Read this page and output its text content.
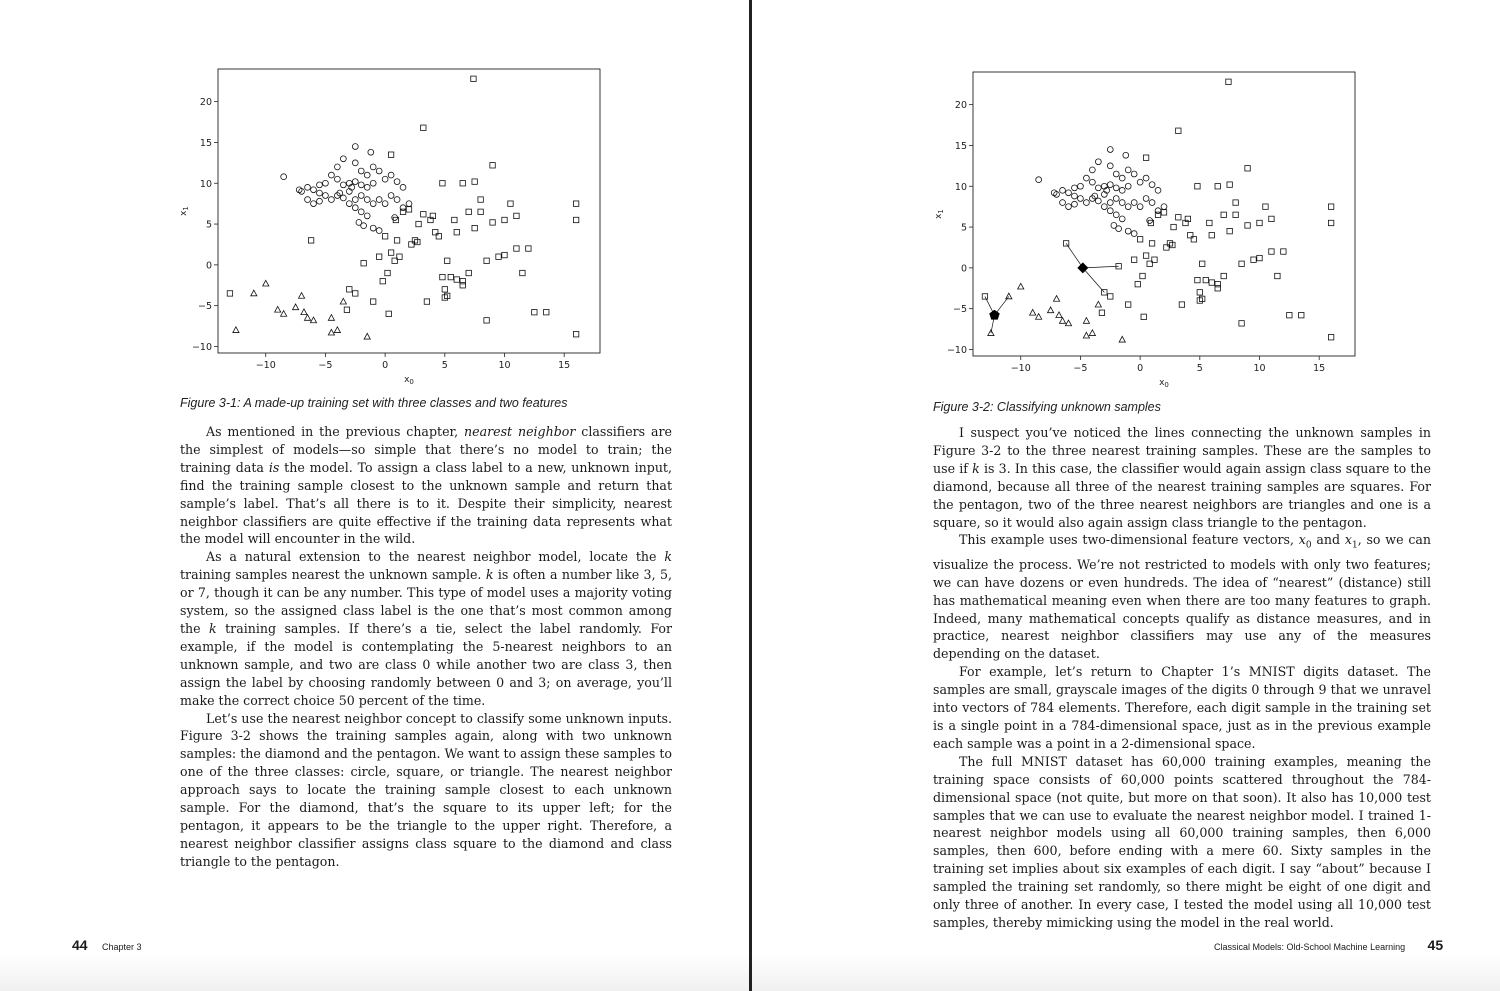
−10	−5	0	5	10	15
−10
−5
0
5
10
15
20
$x_0$
$x_1$
Figure 3-1: A made-up training set with three classes and two features

As mentioned in the previous chapter, nearest neighbor classifiers are the simplest of models—so simple that there’s no model to train; the training data is the model. To assign a class label to a new, unknown input, find the training sample closest to the unknown sample and return that sample’s label. That’s all there is to it. Despite their simplicity, nearest neighbor classifiers are quite effective if the training data represents what the model will encounter in the wild.

As a natural extension to the nearest neighbor model, locate the k training samples nearest the unknown sample. k is often a number like 3, 5, or 7, though it can be any number. This type of model uses a majority voting system, so the assigned class label is the one that’s most common among the k training samples. If there’s a tie, select the label randomly. For example, if the model is contemplating the 5-nearest neighbors to an unknown sample, and two are class 0 while another two are class 3, then assign the label by choosing randomly between 0 and 3; on average, you’ll make the correct choice 50 percent of the time.

Let’s use the nearest neighbor concept to classify some unknown inputs. Figure 3-2 shows the training samples again, along with two unknown samples: the diamond and the pentagon. We want to assign these samples to one of the three classes: circle, square, or triangle. The nearest neighbor approach says to locate the training sample closest to each unknown sample. For the diamond, that’s the square to its upper left; for the pentagon, it appears to be the triangle to the upper right. Therefore, a nearest neighbor classifier assigns class square to the diamond and class triangle to the pentagon.

44 Chapter 3
−10	−5	0	5	10	15
−10
−5
0
5
10
15
20
$x_0$
$x_1$
Figure 3-2: Classifying unknown samples

I suspect you’ve noticed the lines connecting the unknown samples in Figure 3-2 to the three nearest training samples. These are the samples to use if k is 3. In this case, the classifier would again assign class square to the diamond, because all three of the nearest training samples are squares. For the pentagon, two of the three nearest neighbors are triangles and one is a square, so it would also again assign class triangle to the pentagon.

This example uses two-dimensional feature vectors, $x_0$ and $x_1$, so we can visualize the process. We’re not restricted to models with only two features; we can have dozens or even hundreds. The idea of “nearest” (distance) still has mathematical meaning even when there are too many features to graph. Indeed, many mathematical concepts qualify as distance measures, and in practice, nearest neighbor classifiers may use any of the measures depending on the dataset.

For example, let’s return to Chapter 1’s MNIST digits dataset. The samples are small, grayscale images of the digits 0 through 9 that we unravel into vectors of 784 elements. Therefore, each digit sample in the training set is a single point in a 784-dimensional space, just as in the previous example each sample was a point in a 2-dimensional space.

The full MNIST dataset has 60,000 training examples, meaning the training space consists of 60,000 points scattered throughout the 784-dimensional space (not quite, but more on that soon). It also has 10,000 test samples that we can use to evaluate the nearest neighbor model. I trained 1-nearest neighbor models using all 60,000 training samples, then 6,000 samples, then 600, before ending with a mere 60. Sixty samples in the training set implies about six examples of each digit. I say “about” because I sampled the training set randomly, so there might be eight of one digit and only three of another. In every case, I tested the model using all 10,000 test samples, thereby mimicking using the model in the real world.

Classical Models: Old-School Machine Learning 45
